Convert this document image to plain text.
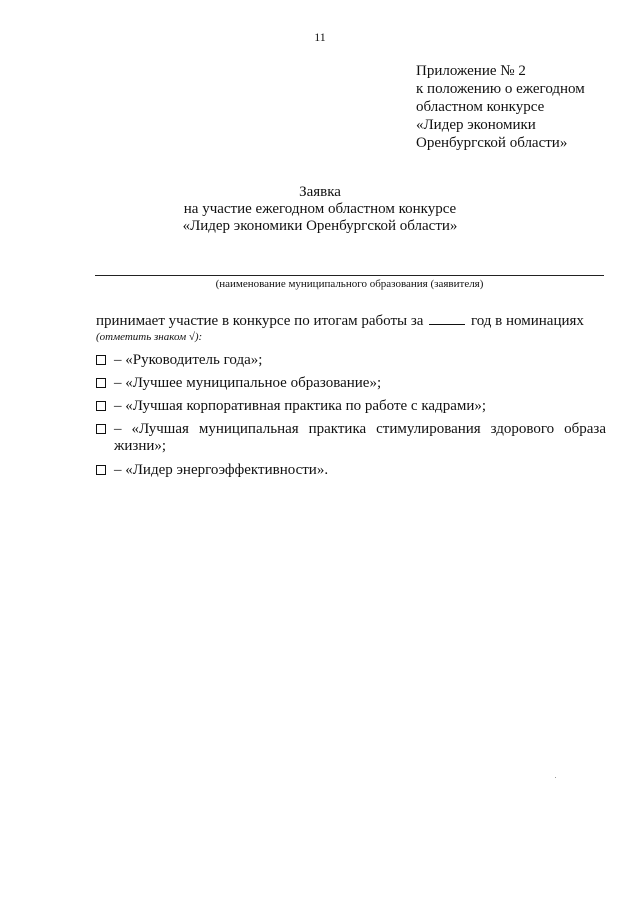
11
Приложение № 2
к положению о ежегодном
областном конкурсе
«Лидер экономики
Оренбургской области»
Заявка
на участие ежегодном областном конкурсе
«Лидер экономики Оренбургской области»
(наименование муниципального образования (заявителя)
принимает участие в конкурсе по итогам работы за	год в номинациях
(отметить знаком √):
– «Руководитель года»;
– «Лучшее муниципальное образование»;
– «Лучшая корпоративная практика по работе с кадрами»;
– «Лучшая муниципальная практика стимулирования здорового образа
жизни»;
– «Лидер энергоэффективности».
